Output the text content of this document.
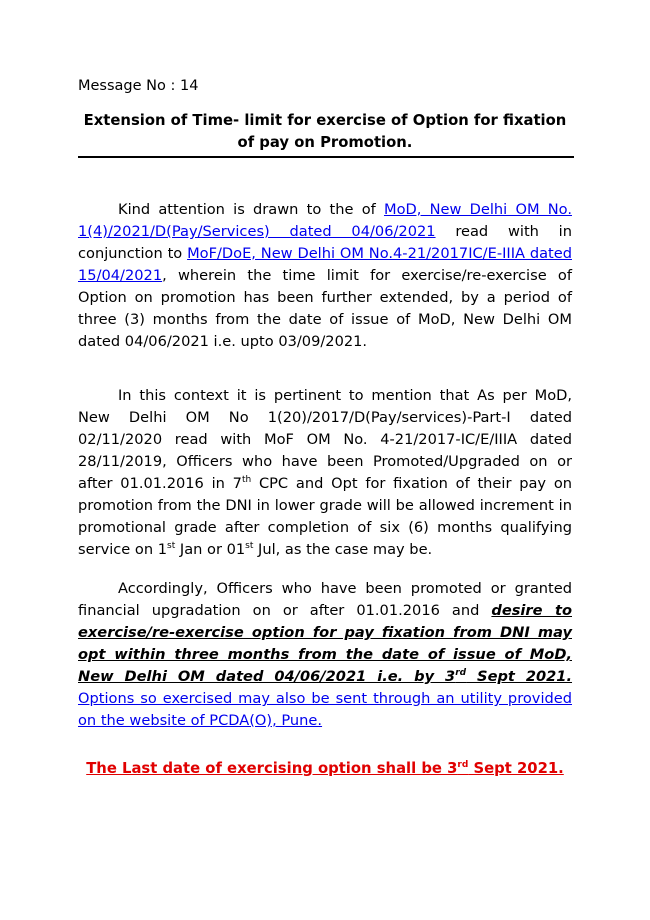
Message No : 14
Extension of Time- limit for exercise of Option for fixation of pay on Promotion.
Kind attention is drawn to the of MoD, New Delhi OM No. 1(4)/2021/D(Pay/Services) dated 04/06/2021 read with in conjunction to MoF/DoE, New Delhi OM No.4-21/2017IC/E-IIIA dated 15/04/2021, wherein the time limit for exercise/re-exercise of Option on promotion has been further extended, by a period of three (3) months from the date of issue of MoD, New Delhi OM dated 04/06/2021 i.e. upto 03/09/2021.
In this context it is pertinent to mention that As per MoD, New Delhi OM No 1(20)/2017/D(Pay/services)-Part-I dated 02/11/2020 read with MoF OM No. 4-21/2017-IC/E/IIIA dated 28/11/2019, Officers who have been Promoted/Upgraded on or after 01.01.2016 in 7th CPC and Opt for fixation of their pay on promotion from the DNI in lower grade will be allowed increment in promotional grade after completion of six (6) months qualifying service on 1st Jan or 01st Jul, as the case may be.
Accordingly, Officers who have been promoted or granted financial upgradation on or after 01.01.2016 and desire to exercise/re-exercise option for pay fixation from DNI may opt within three months from the date of issue of MoD, New Delhi OM dated 04/06/2021 i.e. by 3rd Sept 2021. Options so exercised may also be sent through an utility provided on the website of PCDA(O), Pune.
The Last date of exercising option shall be 3rd Sept 2021.
